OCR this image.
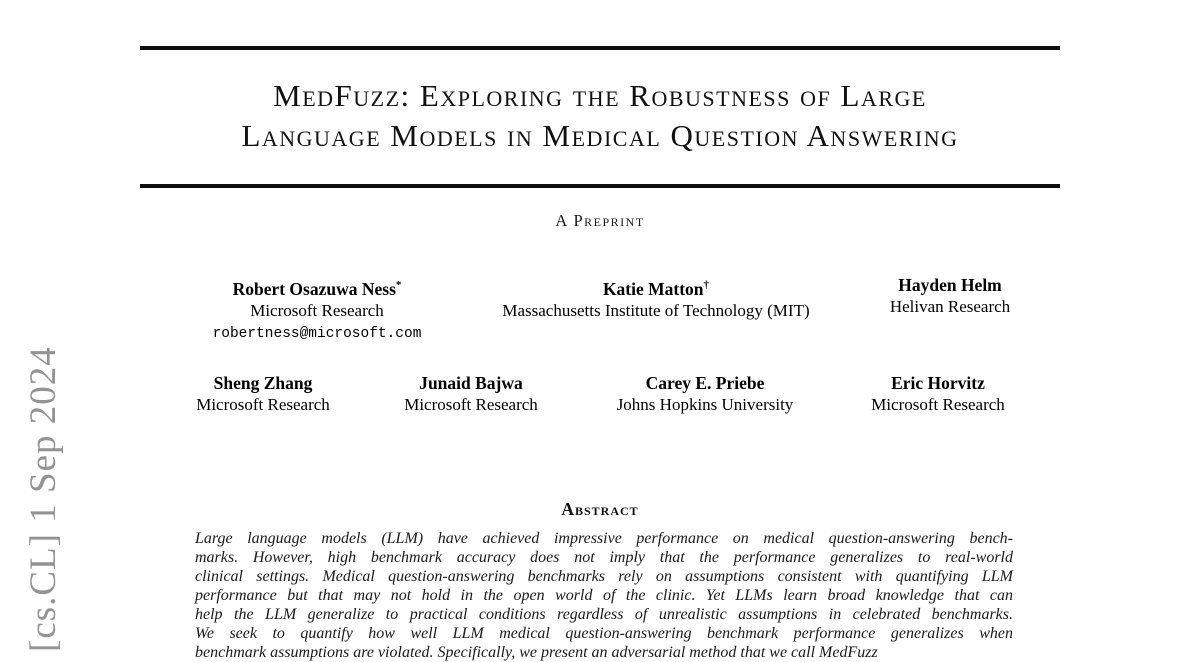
[cs.CL] 1 Sep 2024
MedFuzz: Exploring the Robustness of Large
Language Models in Medical Question Answering
A Preprint
Robert Osazuwa Ness*
Microsoft Research
robertness@microsoft.com
Katie Matton†
Massachusetts Institute of Technology (MIT)
Hayden Helm
Helivan Research
Sheng Zhang
Microsoft Research
Junaid Bajwa
Microsoft Research
Carey E. Priebe
Johns Hopkins University
Eric Horvitz
Microsoft Research
Abstract
Large language models (LLM) have achieved impressive performance on medical question-answering bench-
marks. However, high benchmark accuracy does not imply that the performance generalizes to real-world
clinical settings. Medical question-answering benchmarks rely on assumptions consistent with quantifying LLM
performance but that may not hold in the open world of the clinic. Yet LLMs learn broad knowledge that can
help the LLM generalize to practical conditions regardless of unrealistic assumptions in celebrated benchmarks.
We seek to quantify how well LLM medical question-answering benchmark performance generalizes when
benchmark assumptions are violated. Specifically, we present an adversarial method that we call MedFuzz
